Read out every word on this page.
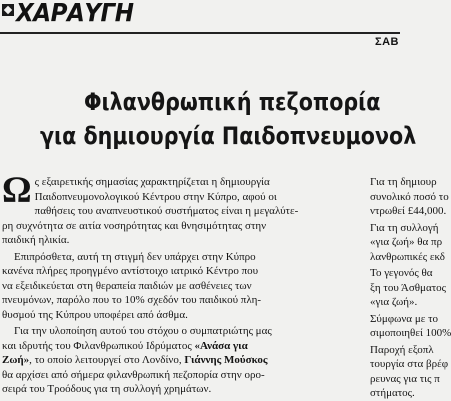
ΧΑΡΑΥΓΗ
ΣΑΒ
Φιλανθρωπική πεζοπορία
για δημιουργία Παιδοπνευμονολ
Ω ς εξαιρετικής σημασίας χαρακτηρίζεται η δημιουργία
Παιδοπνευμονολογικού Κέντρου στην Κύπρο, αφού οι
παθήσεις του αναπνευστικού συστήματος είναι η μεγαλύτε-
ρη συχνότητα σε αιτία νοσηρότητας και θνησιμότητας στην
παιδική ηλικία.
Επιπρόσθετα, αυτή τη στιγμή δεν υπάρχει στην Κύπρο
κανένα πλήρες προηγμένο αντίστοιχο ιατρικό Κέντρο που
να εξειδικεύεται στη θεραπεία παιδιών με ασθένειες των
πνευμόνων, παρόλο που το 10% σχεδόν του παιδικού πλη-
θυσμού της Κύπρου υποφέρει από άσθμα.
Για την υλοποίηση αυτού του στόχου ο συμπατριώτης μας
και ιδρυτής του Φιλανθρωπικού Ιδρύματος «Ανάσα για
Ζωή», το οποίο λειτουργεί στο Λονδίνο, Γιάννης Μούσκος
θα αρχίσει από σήμερα φιλανθρωπική πεζοπορία στην ορο-
σειρά του Τροόδους για τη συλλογή χρημάτων.
Για τη δημιουρ
συνολικό ποσό το
ντρωθεί £44,000.
Για τη συλλογή
«για ζωή» θα πρ
λανθρωπικές εκδ
Το γεγονός θα
ξη του Άσθματος
«για ζωή».
Σύμφωνα με το
σιμοποιηθεί 100%
Παροχή εξοπλ
τουργία στα βρέφ
ρευνας για τις π
στήματος.
